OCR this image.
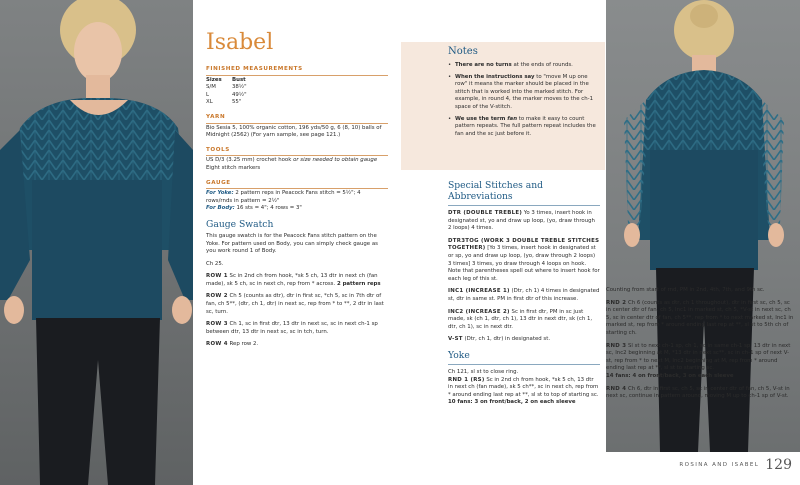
Isabel
FINISHED MEASUREMENTS
Sizes	Bust
S/M	38½"
L	49½"
XL	55"
YARN
Bio Sesia 5, 100% organic cotton, 196 yds/50 g, 6 (8, 10) balls of Midnight (2562) (For yarn sample, see page 121.)
TOOLS
US D/3 (3.25 mm) crochet hook or size needed to obtain gauge
Eight stitch markers
GAUGE
For Yoke: 2 pattern reps in Peacock Fans stitch = 5½"; 4 rows/rnds in pattern = 2½"
For Body: 16 sts = 4"; 4 rows = 3"
Gauge Swatch
This gauge swatch is for the Peacock Fans stitch pattern on the Yoke. For pattern used on Body, you can simply check gauge as you work round 1 of Body.
Ch 25.
ROW 1 Sc in 2nd ch from hook, *sk 5 ch, 13 dtr in next ch (fan made), sk 5 ch, sc in next ch, rep from * across. 2 pattern reps
ROW 2 Ch 5 (counts as dtr), dtr in first sc, *ch 5, sc in 7th dtr of fan, ch 5**, (dtr, ch 1, dtr) in next sc, rep from * to **, 2 dtr in last sc, turn.
ROW 3 Ch 1, sc in first dtr, 13 dtr in next sc, sc in next ch-1 sp between dtr, 13 dtr in next sc, sc in tch, turn.
ROW 4 Rep row 2.
Notes
• There are no turns at the ends of rounds.
• When the instructions say to "move M up one row" it means the marker should be placed in the stitch that is worked into the marked stitch. For example, in round 4, the marker moves to the ch-1 space of the V-stitch.
• We use the term fan to make it easy to count pattern repeats. The full pattern repeat includes the fan and the sc just before it.
Special Stitches and Abbreviations
DTR (DOUBLE TREBLE) Yo 3 times, insert hook in designated st, yo and draw up loop, (yo, draw through 2 loops) 4 times.
DTR3TOG (WORK 3 DOUBLE TREBLE STITCHES TOGETHER) [Yo 3 times, insert hook in designated st or sp, yo and draw up loop, (yo, draw through 2 loops) 3 times] 3 times, yo draw through 4 loops on hook. Note that parentheses spell out where to insert hook for each leg of this st.
INC1 (INCREASE 1) (Dtr, ch 1) 4 times in designated st, dtr in same st. PM in first dtr of this increase.
INC2 (INCREASE 2) Sc in first dtr, PM in sc just made, sk (ch 1, dtr, ch 1), 13 dtr in next dtr, sk (ch 1, dtr, ch 1), sc in next dtr.
V-ST (Dtr, ch 1, dtr) in designated st.
Yoke
Ch 121, sl st to close ring.
RND 1 (RS) Sc in 2nd ch from hook, *sk 5 ch, 13 dtr in next ch (fan made), sk 5 ch**, sc in next ch, rep from * around ending last rep at **, sl st to top of starting sc.
10 fans: 3 on front/back, 2 on each sleeve
Counting from start of rnd, PM in 2nd, 4th, 7th, and 9th sc.
RND 2 Ch 6 (counts as dtr, ch 1 throughout), dtr in first sc, ch 5, sc in center dtr of fan, ch 5, Inc1 in marked st, ch 5, *V-st in next sc, ch 5, sc in center dtr of fan, ch 5**, rep from * to next marked st, Inc1 in marked st, rep from * around ending last rep at **, sl st to 5th ch of starting ch.
RND 3 Sl st to next ch-1 sp, ch 1, sc in same ch-1 sp, 13 dtr in next sc, Inc2 beginning at M, *13 dtr in next sc**, sc in ch-1 sp of next V-st, rep from * to next M, Inc2 beginning at M, rep from * around ending last rep at **, sl st to starting sc.
14 fans: 4 on front/back, 3 on each sleeve
RND 4 Ch 6, dtr in first sc, ch 5, sc in center dtr of fan, ch 5, V-st in next sc, continue in pattern around, moving M up to ch-1 sp of V-st.
ROSINA AND ISABEL 129
